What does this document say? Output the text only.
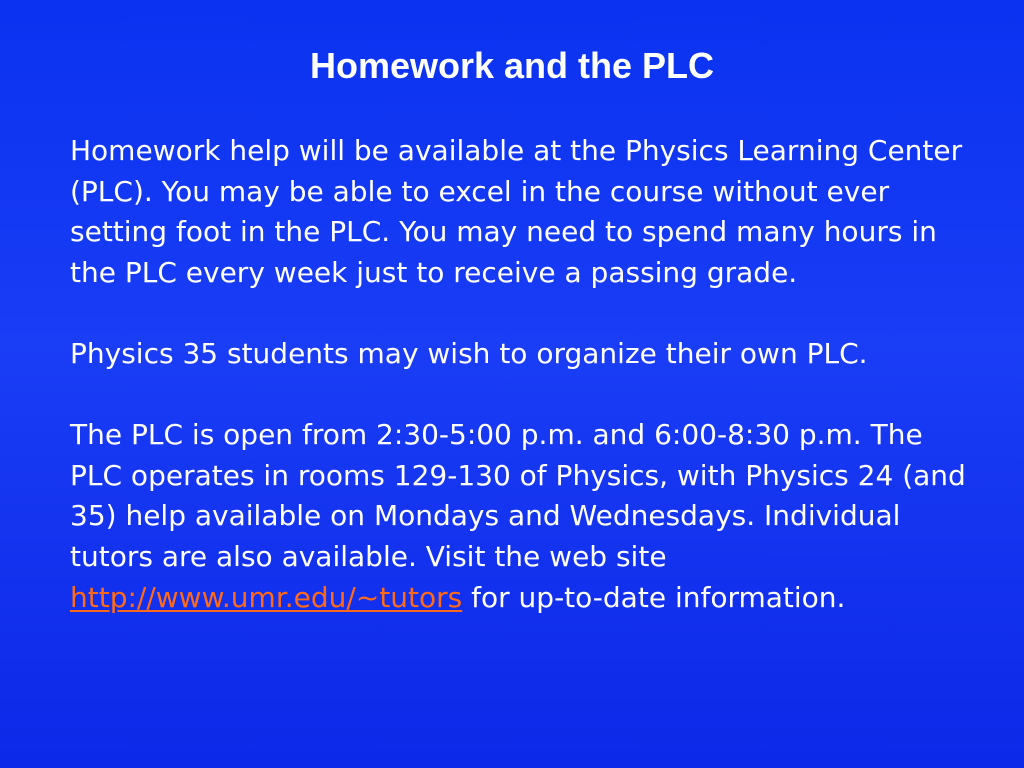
Homework and the PLC

Homework help will be available at the Physics Learning Center (PLC). You may be able to excel in the course without ever setting foot in the PLC. You may need to spend many hours in the PLC every week just to receive a passing grade.

Physics 35 students may wish to organize their own PLC.

The PLC is open from 2:30-5:00 p.m. and 6:00-8:30 p.m. The PLC operates in rooms 129-130 of Physics, with Physics 24 (and 35) help available on Mondays and Wednesdays. Individual tutors are also available. Visit the web site http://www.umr.edu/~tutors for up-to-date information.
